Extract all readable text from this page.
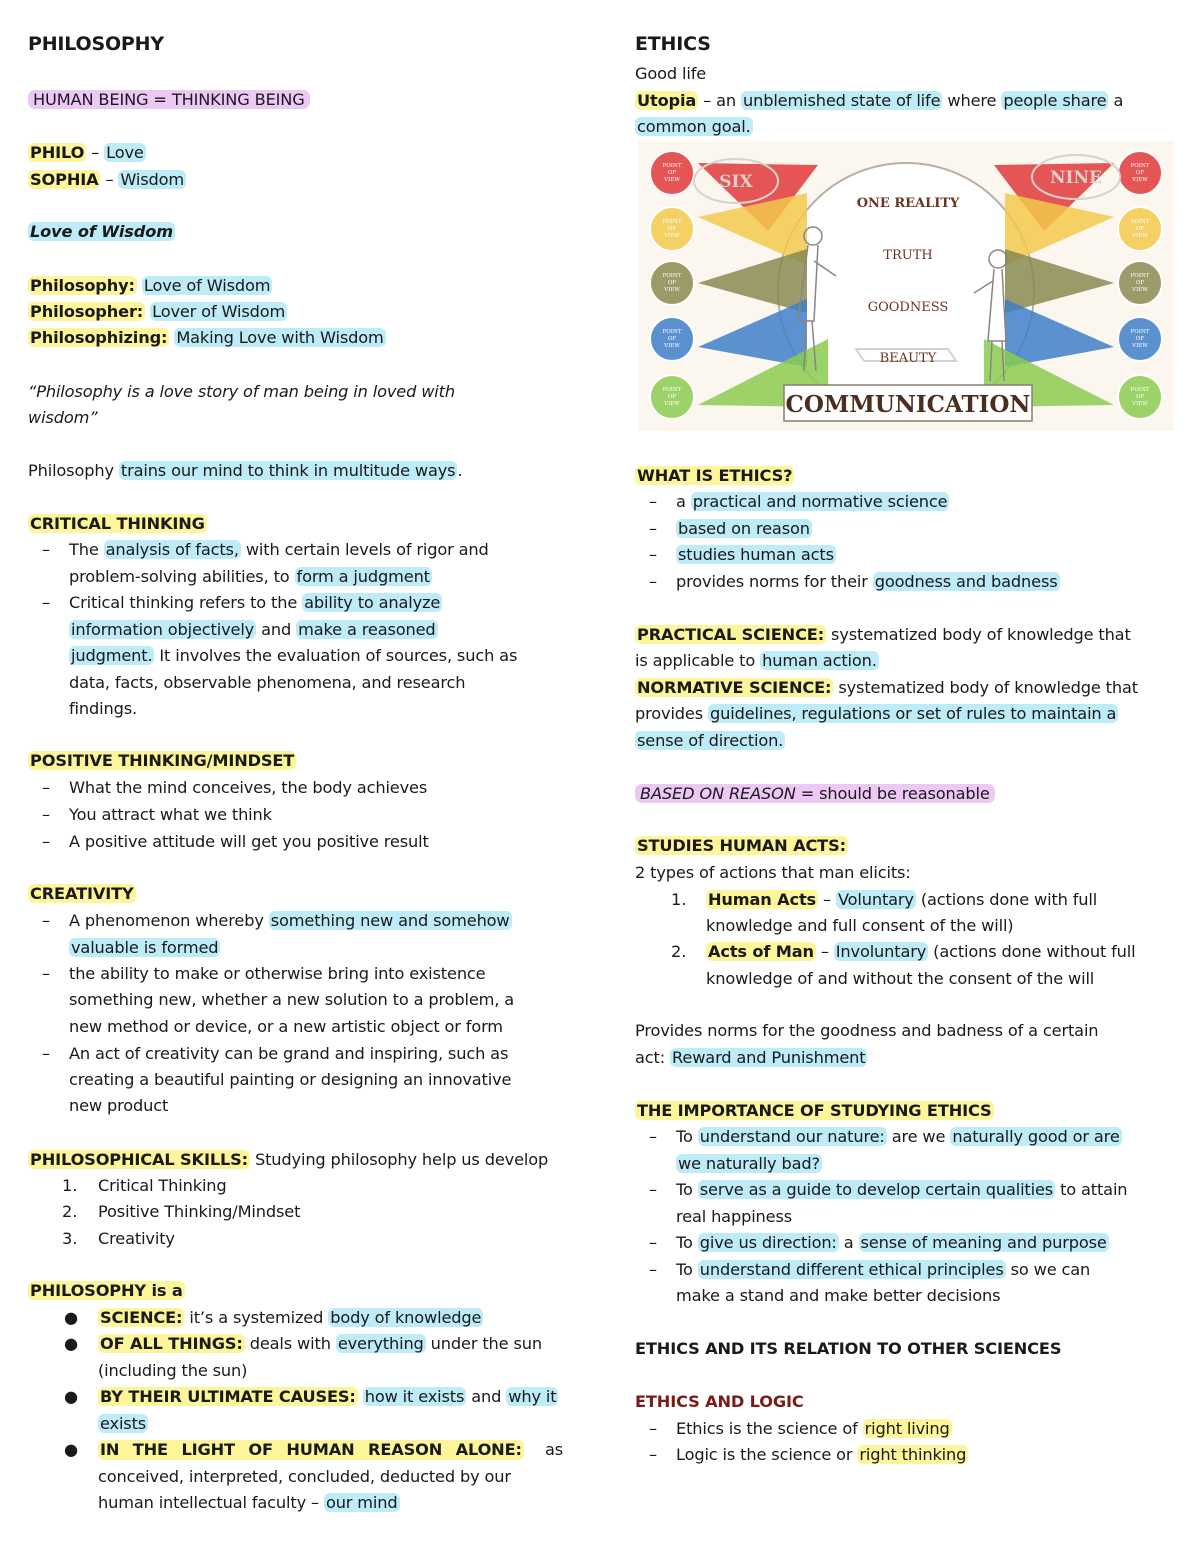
PHILOSOPHY
HUMAN BEING = THINKING BEING
PHILO – Love
SOPHIA – Wisdom
Love of Wisdom
Philosophy: Love of Wisdom
Philosopher: Lover of Wisdom
Philosophizing: Making Love with Wisdom
“Philosophy is a love story of man being in loved with
wisdom”
Philosophy trains our mind to think in multitude ways .
CRITICAL THINKING
– The analysis of facts, with certain levels of rigor and
problem-solving abilities, to form a judgment
– Critical thinking refers to the ability to analyze
information objectively and make a reasoned
judgment. It involves the evaluation of sources, such as
data, facts, observable phenomena, and research
findings.
POSITIVE THINKING/MINDSET
– What the mind conceives, the body achieves
– You attract what we think
– A positive attitude will get you positive result
CREATIVITY
– A phenomenon whereby something new and somehow
valuable is formed
– the ability to make or otherwise bring into existence
something new, whether a new solution to a problem, a
new method or device, or a new artistic object or form
– An act of creativity can be grand and inspiring, such as
creating a beautiful painting or designing an innovative
new product
PHILOSOPHICAL SKILLS: Studying philosophy help us develop
1. Critical Thinking
2. Positive Thinking/Mindset
3. Creativity
PHILOSOPHY is a
● SCIENCE: it’s a systemized body of knowledge
● OF ALL THINGS: deals with everything under the sun
(including the sun)
● BY THEIR ULTIMATE CAUSES: how it exists and why it
exists
● IN THE LIGHT OF HUMAN REASON ALONE: as
conceived, interpreted, concluded, deducted by our
human intellectual faculty – our mind
ETHICS
Good life
Utopia – an unblemished state of life where people share a
common goal.
WHAT IS ETHICS?
– a practical and normative science
– based on reason
– studies human acts
– provides norms for their goodness and badness
PRACTICAL SCIENCE: systematized body of knowledge that
is applicable to human action.
NORMATIVE SCIENCE: systematized body of knowledge that
provides guidelines, regulations or set of rules to maintain a
sense of direction.
BASED ON REASON = should be reasonable
STUDIES HUMAN ACTS:
2 types of actions that man elicits:
1. Human Acts – Voluntary (actions done with full
knowledge and full consent of the will)
2. Acts of Man – Involuntary (actions done without full
knowledge of and without the consent of the will
Provides norms for the goodness and badness of a certain
act: Reward and Punishment
THE IMPORTANCE OF STUDYING ETHICS
– To understand our nature: are we naturally good or are
we naturally bad?
– To serve as a guide to develop certain qualities to attain
real happiness
– To give us direction: a sense of meaning and purpose
– To understand different ethical principles so we can
make a stand and make better decisions
ETHICS AND ITS RELATION TO OTHER SCIENCES
ETHICS AND LOGIC
– Ethics is the science of right living
– Logic is the science or right thinking
POINT
OF
VIEW
POINT
OF
VIEW
POINT
OF
VIEW
POINT
OF
VIEW
POINT
OF
VIEW
POINT
OF
VIEW
POINT
OF
VIEW
POINT
OF
VIEW
POINT
OF
VIEW
POINT
OF
VIEW
SIX	NINE
ONE REALITY
TRUTH
GOODNESS
BEAUTY
COMMUNICATION
